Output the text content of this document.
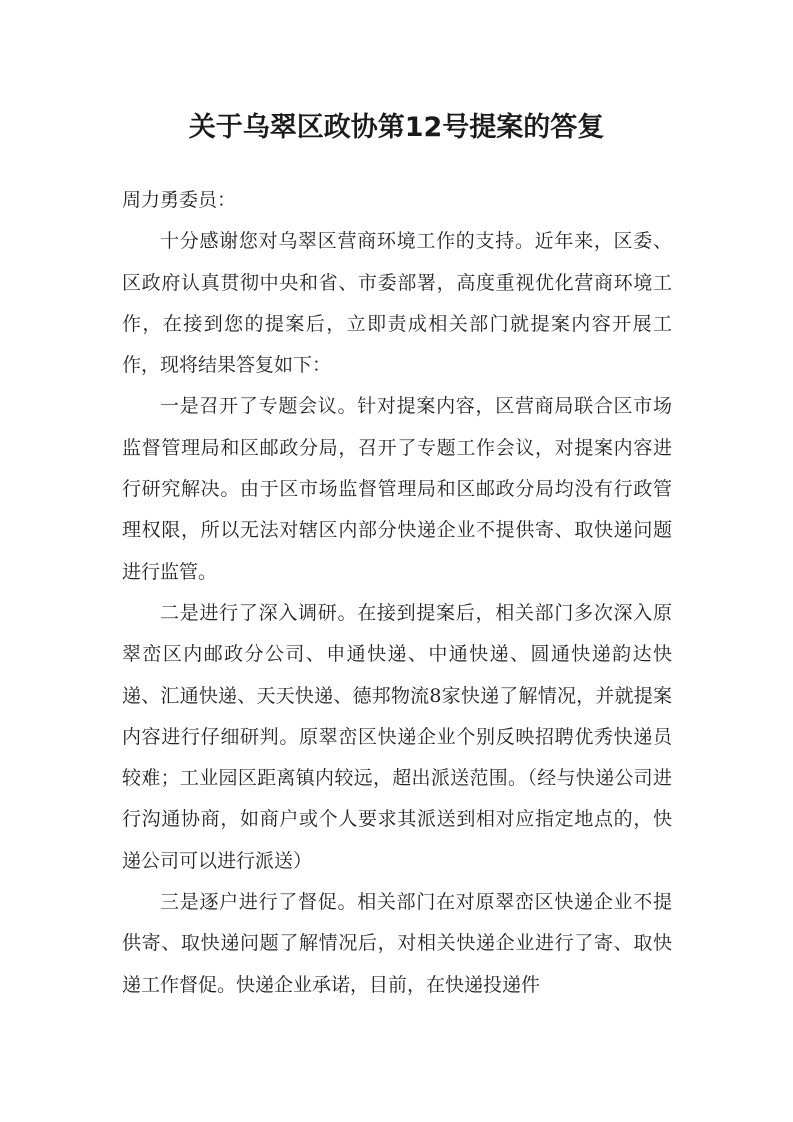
关于乌翠区政协第12号提案的答复

周力勇委员：

十分感谢您对乌翠区营商环境工作的支持。近年来，区委、区政府认真贯彻中央和省、市委部署，高度重视优化营商环境工作，在接到您的提案后，立即责成相关部门就提案内容开展工作，现将结果答复如下：

一是召开了专题会议。针对提案内容，区营商局联合区市场监督管理局和区邮政分局，召开了专题工作会议，对提案内容进行研究解决。由于区市场监督管理局和区邮政分局均没有行政管理权限，所以无法对辖区内部分快递企业不提供寄、取快递问题进行监管。

二是进行了深入调研。在接到提案后，相关部门多次深入原翠峦区内邮政分公司、申通快递、中通快递、圆通快递韵达快递、汇通快递、天天快递、德邦物流8家快递了解情况，并就提案内容进行仔细研判。原翠峦区快递企业个别反映招聘优秀快递员较难；工业园区距离镇内较远，超出派送范围。（经与快递公司进行沟通协商，如商户或个人要求其派送到相对应指定地点的，快递公司可以进行派送）

三是逐户进行了督促。相关部门在对原翠峦区快递企业不提供寄、取快递问题了解情况后，对相关快递企业进行了寄、取快递工作督促。快递企业承诺，目前，在快递投递件
